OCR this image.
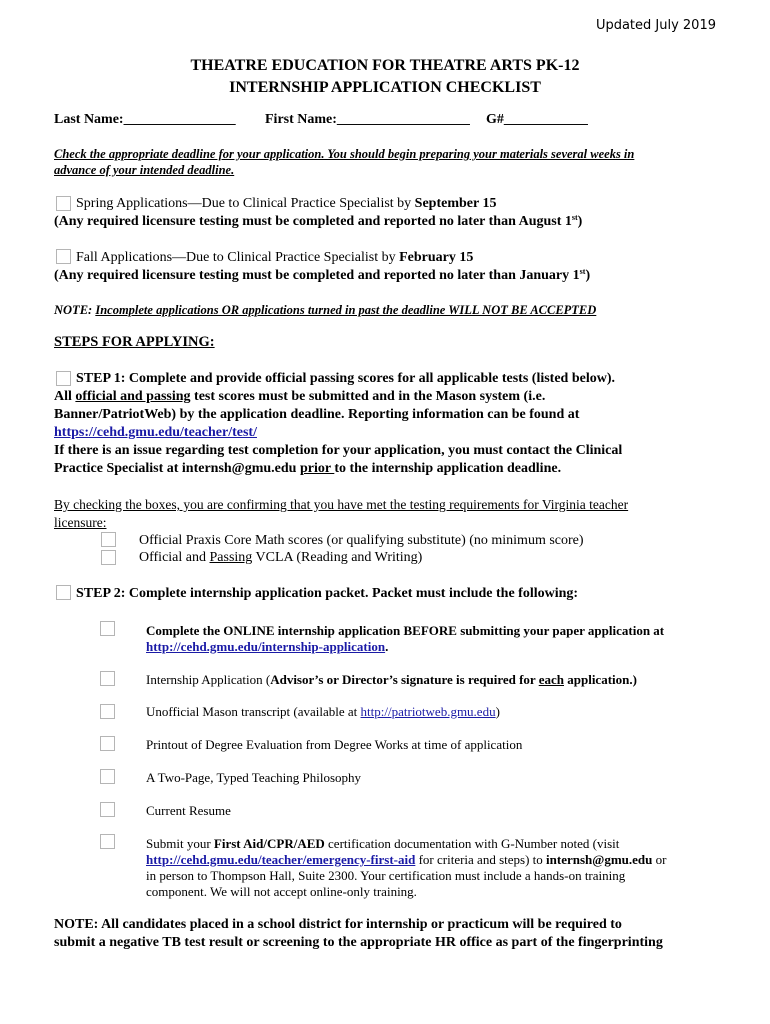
Updated July 2019
THEATRE EDUCATION FOR THEATRE ARTS PK-12
INTERNSHIP APPLICATION CHECKLIST
Last Name:________________ First Name:___________________ G#____________
Check the appropriate deadline for your application. You should begin preparing your materials several weeks in
advance of your intended deadline.
Spring Applications—Due to Clinical Practice Specialist by September 15
(Any required licensure testing must be completed and reported no later than August 1st)
Fall Applications—Due to Clinical Practice Specialist by February 15
(Any required licensure testing must be completed and reported no later than January 1st)
NOTE: Incomplete applications OR applications turned in past the deadline WILL NOT BE ACCEPTED
STEPS FOR APPLYING:
STEP 1: Complete and provide official passing scores for all applicable tests (listed below).
All official and passing test scores must be submitted and in the Mason system (i.e.
Banner/PatriotWeb) by the application deadline. Reporting information can be found at
https://cehd.gmu.edu/teacher/test/
If there is an issue regarding test completion for your application, you must contact the Clinical
Practice Specialist at internsh@gmu.edu prior to the internship application deadline.
By checking the boxes, you are confirming that you have met the testing requirements for Virginia teacher
licensure:
Official Praxis Core Math scores (or qualifying substitute) (no minimum score)
Official and Passing VCLA (Reading and Writing)
STEP 2: Complete internship application packet. Packet must include the following:
Complete the ONLINE internship application BEFORE submitting your paper application at
http://cehd.gmu.edu/internship-application.
Internship Application (Advisor’s or Director’s signature is required for each application.)
Unofficial Mason transcript (available at http://patriotweb.gmu.edu)
Printout of Degree Evaluation from Degree Works at time of application
A Two-Page, Typed Teaching Philosophy
Current Resume
Submit your First Aid/CPR/AED certification documentation with G-Number noted (visit
http://cehd.gmu.edu/teacher/emergency-first-aid for criteria and steps) to internsh@gmu.edu or
in person to Thompson Hall, Suite 2300. Your certification must include a hands-on training
component. We will not accept online-only training.
NOTE: All candidates placed in a school district for internship or practicum will be required to
submit a negative TB test result or screening to the appropriate HR office as part of the fingerprinting
